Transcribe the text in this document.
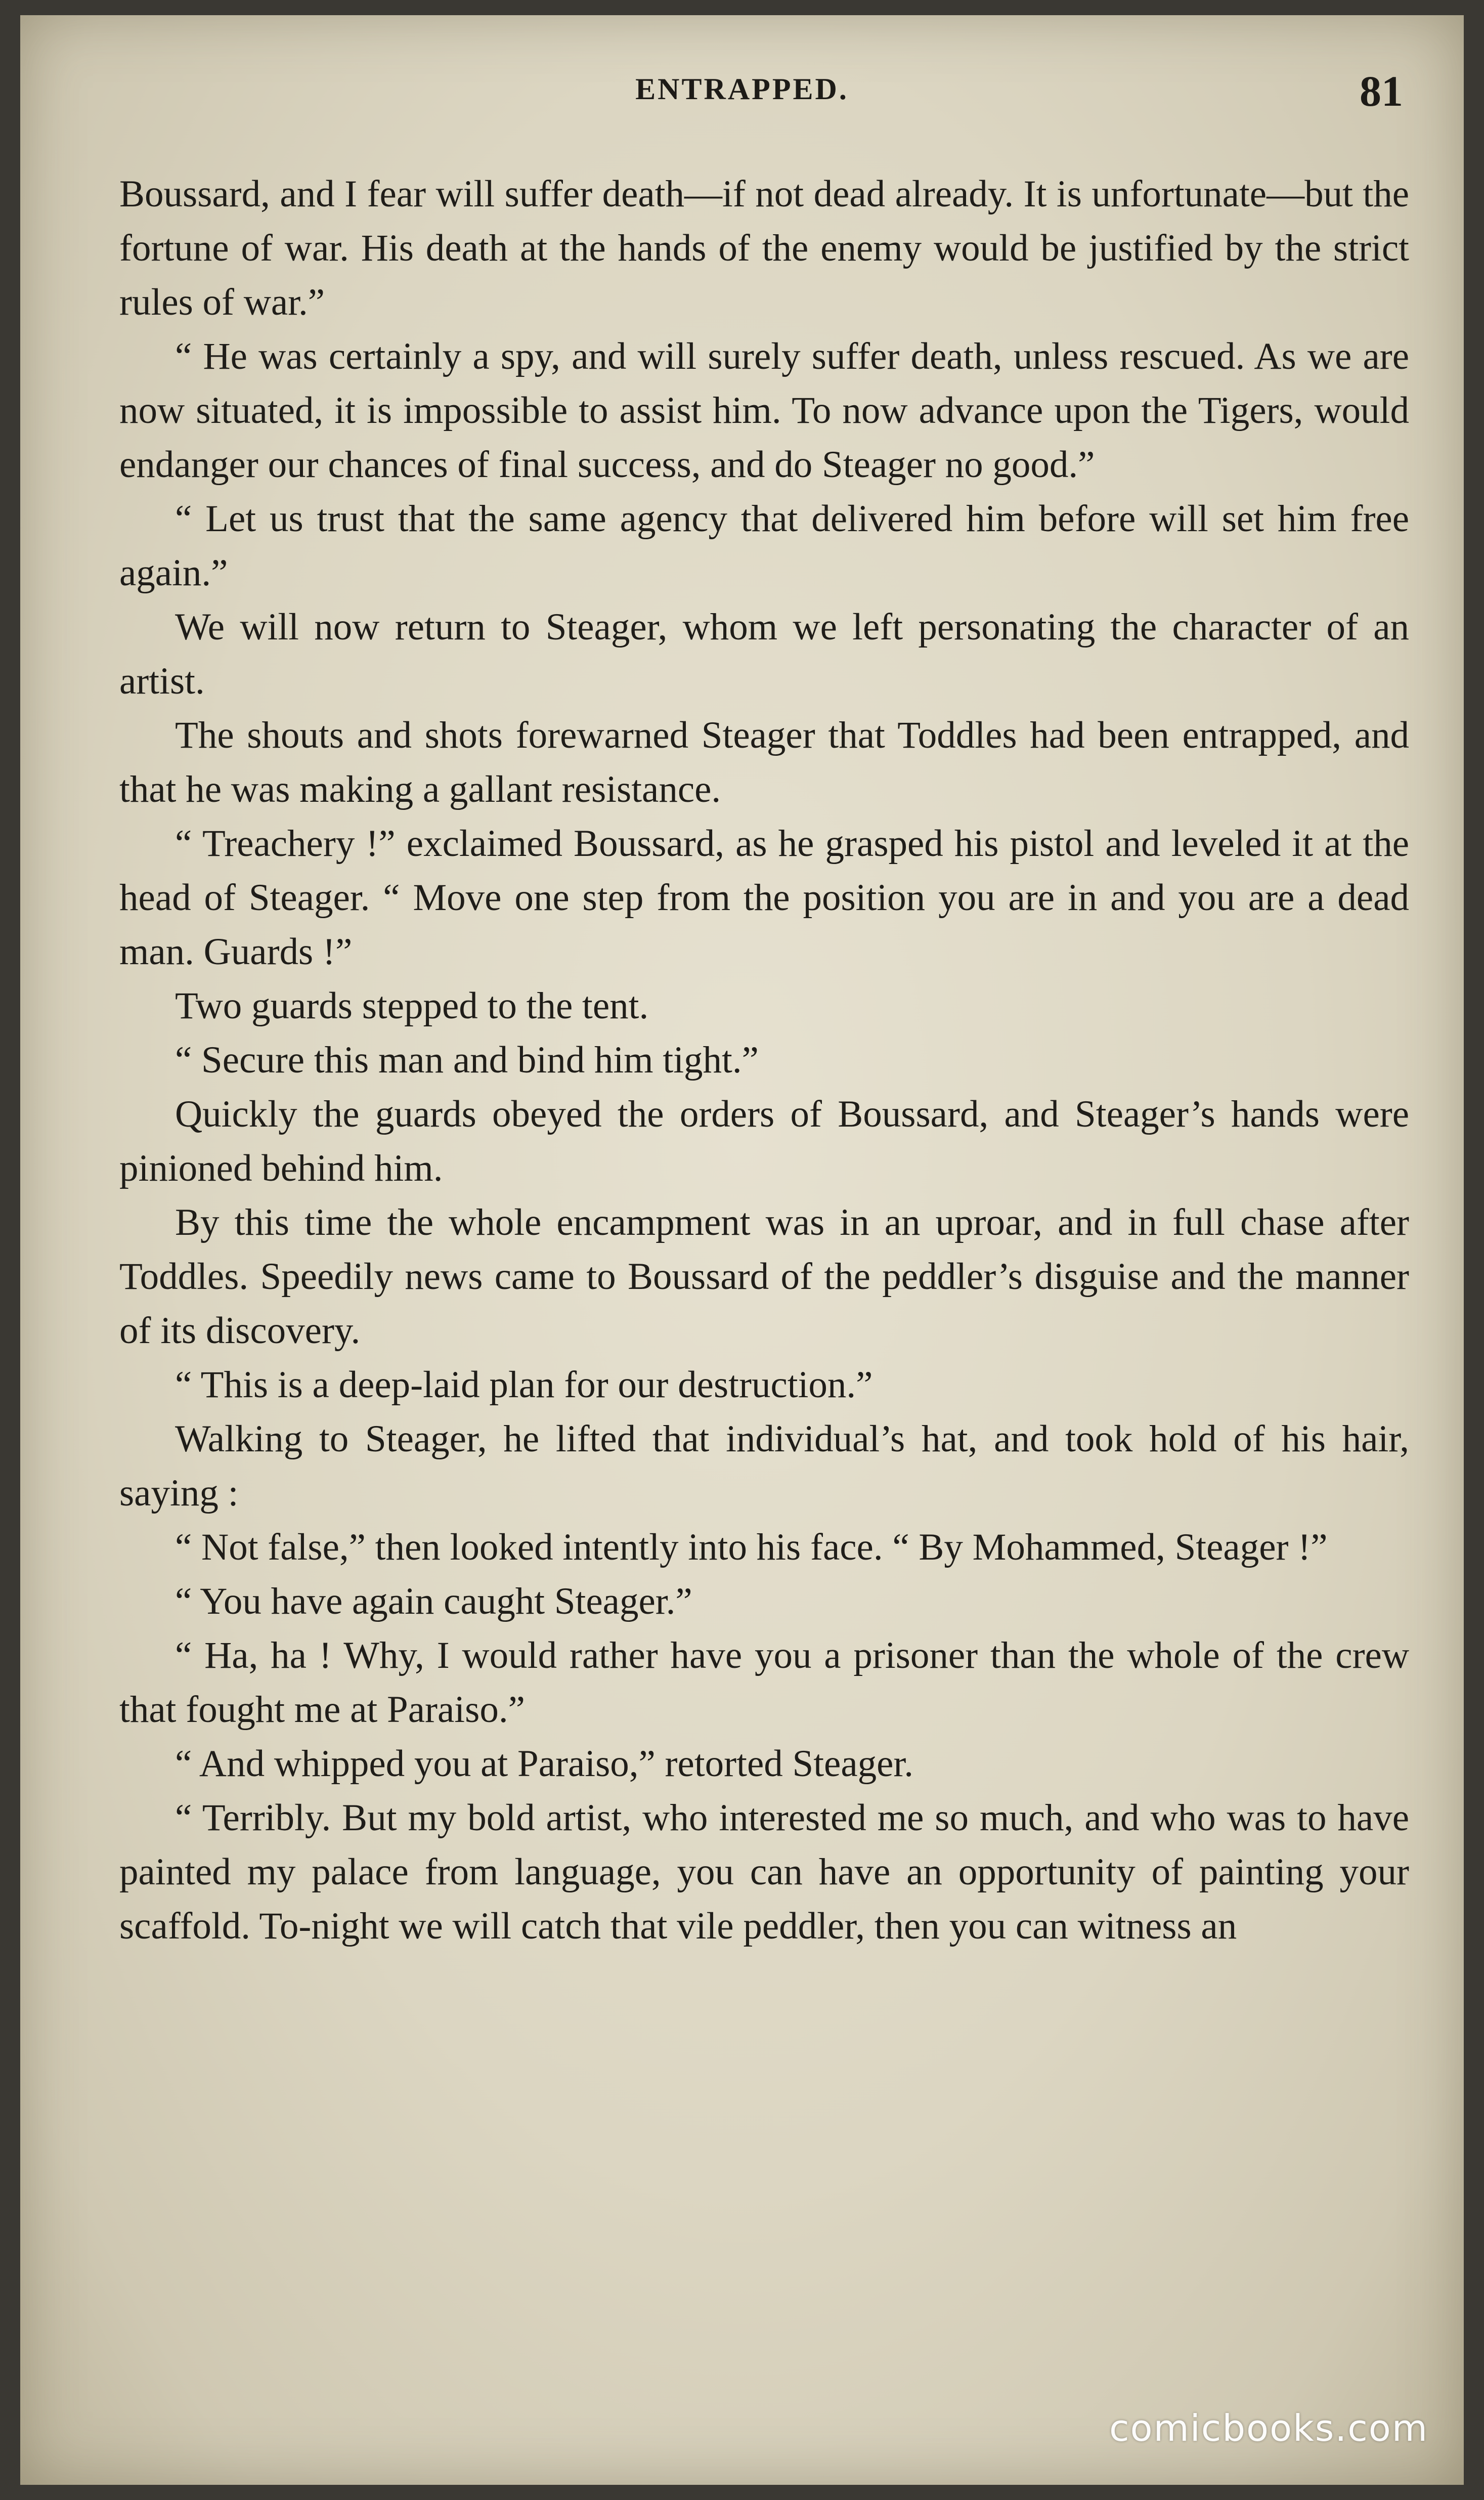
ENTRAPPED.	81

Boussard, and I fear will suffer death—if not dead already. It is unfortunate—but the fortune of war. His death at the hands of the enemy would be justified by the strict rules of war.”

“ He was certainly a spy, and will surely suffer death, unless rescued. As we are now situated, it is impossible to assist him. To now advance upon the Tigers, would endanger our chances of final success, and do Steager no good.”

“ Let us trust that the same agency that delivered him before will set him free again.”

We will now return to Steager, whom we left personating the character of an artist.

The shouts and shots forewarned Steager that Toddles had been entrapped, and that he was making a gallant resistance.

“ Treachery !” exclaimed Boussard, as he grasped his pistol and leveled it at the head of Steager. “ Move one step from the position you are in and you are a dead man. Guards !”

Two guards stepped to the tent.

“ Secure this man and bind him tight.”

Quickly the guards obeyed the orders of Boussard, and Steager’s hands were pinioned behind him.

By this time the whole encampment was in an uproar, and in full chase after Toddles. Speedily news came to Boussard of the peddler’s disguise and the manner of its discovery.

“ This is a deep-laid plan for our destruction.”

Walking to Steager, he lifted that individual’s hat, and took hold of his hair, saying :

“ Not false,” then looked intently into his face. “ By Mohammed, Steager !”

“ You have again caught Steager.”

“ Ha, ha ! Why, I would rather have you a prisoner than the whole of the crew that fought me at Paraiso.”

“ And whipped you at Paraiso,” retorted Steager.

“ Terribly. But my bold artist, who interested me so much, and who was to have painted my palace from language, you can have an opportunity of painting your scaffold. To-night we will catch that vile peddler, then you can witness an

comicbooks.com
